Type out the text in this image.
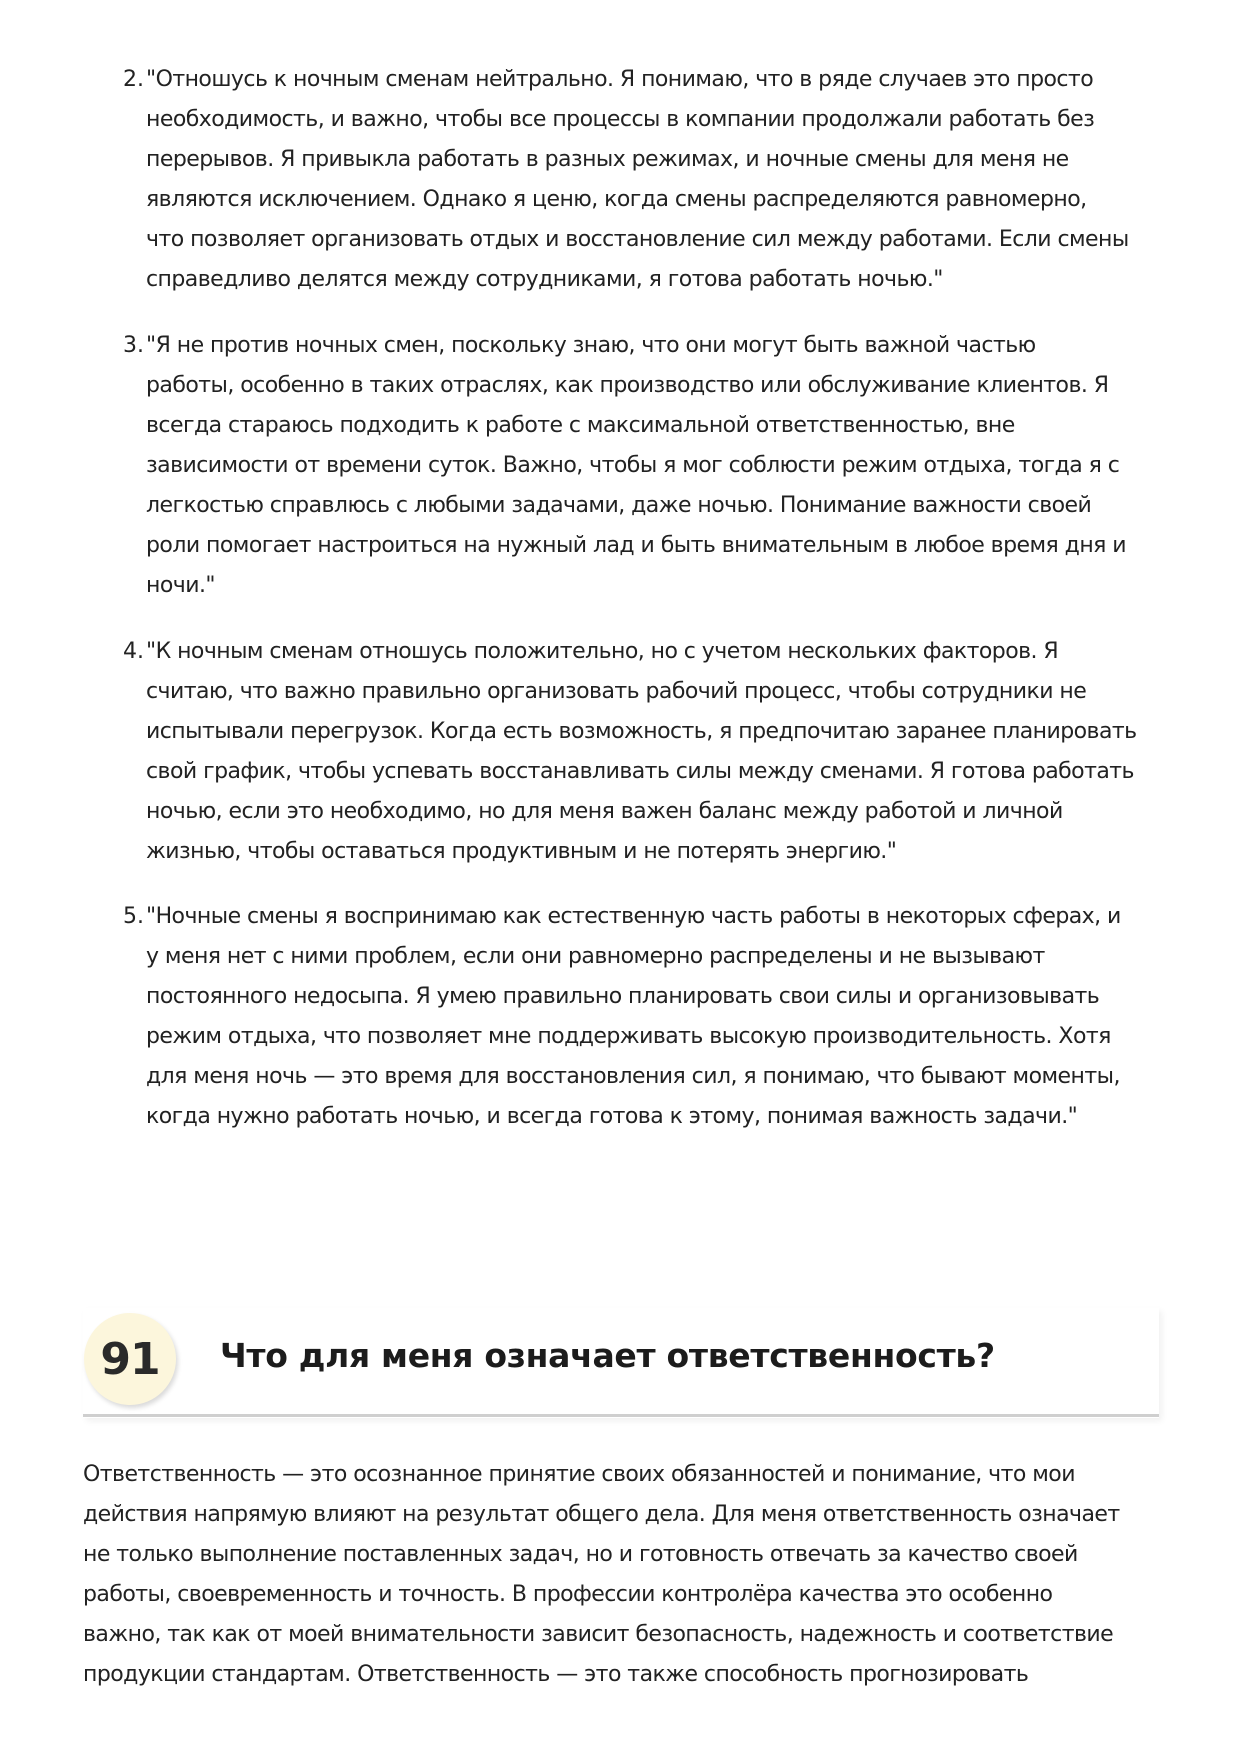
2. "Отношусь к ночным сменам нейтрально. Я понимаю, что в ряде случаев это просто
необходимость, и важно, чтобы все процессы в компании продолжали работать без
перерывов. Я привыкла работать в разных режимах, и ночные смены для меня не
являются исключением. Однако я ценю, когда смены распределяются равномерно,
что позволяет организовать отдых и восстановление сил между работами. Если смены
справедливо делятся между сотрудниками, я готова работать ночью."
3. "Я не против ночных смен, поскольку знаю, что они могут быть важной частью
работы, особенно в таких отраслях, как производство или обслуживание клиентов. Я
всегда стараюсь подходить к работе с максимальной ответственностью, вне
зависимости от времени суток. Важно, чтобы я мог соблюсти режим отдыха, тогда я с
легкостью справлюсь с любыми задачами, даже ночью. Понимание важности своей
роли помогает настроиться на нужный лад и быть внимательным в любое время дня и
ночи."
4. "К ночным сменам отношусь положительно, но с учетом нескольких факторов. Я
считаю, что важно правильно организовать рабочий процесс, чтобы сотрудники не
испытывали перегрузок. Когда есть возможность, я предпочитаю заранее планировать
свой график, чтобы успевать восстанавливать силы между сменами. Я готова работать
ночью, если это необходимо, но для меня важен баланс между работой и личной
жизнью, чтобы оставаться продуктивным и не потерять энергию."
5. "Ночные смены я воспринимаю как естественную часть работы в некоторых сферах, и
у меня нет с ними проблем, если они равномерно распределены и не вызывают
постоянного недосыпа. Я умею правильно планировать свои силы и организовывать
режим отдыха, что позволяет мне поддерживать высокую производительность. Хотя
для меня ночь — это время для восстановления сил, я понимаю, что бывают моменты,
когда нужно работать ночью, и всегда готова к этому, понимая важность задачи."
91	Что для меня означает ответственность?
Ответственность — это осознанное принятие своих обязанностей и понимание, что мои
действия напрямую влияют на результат общего дела. Для меня ответственность означает
не только выполнение поставленных задач, но и готовность отвечать за качество своей
работы, своевременность и точность. В профессии контролёра качества это особенно
важно, так как от моей внимательности зависит безопасность, надежность и соответствие
продукции стандартам. Ответственность — это также способность прогнозировать
